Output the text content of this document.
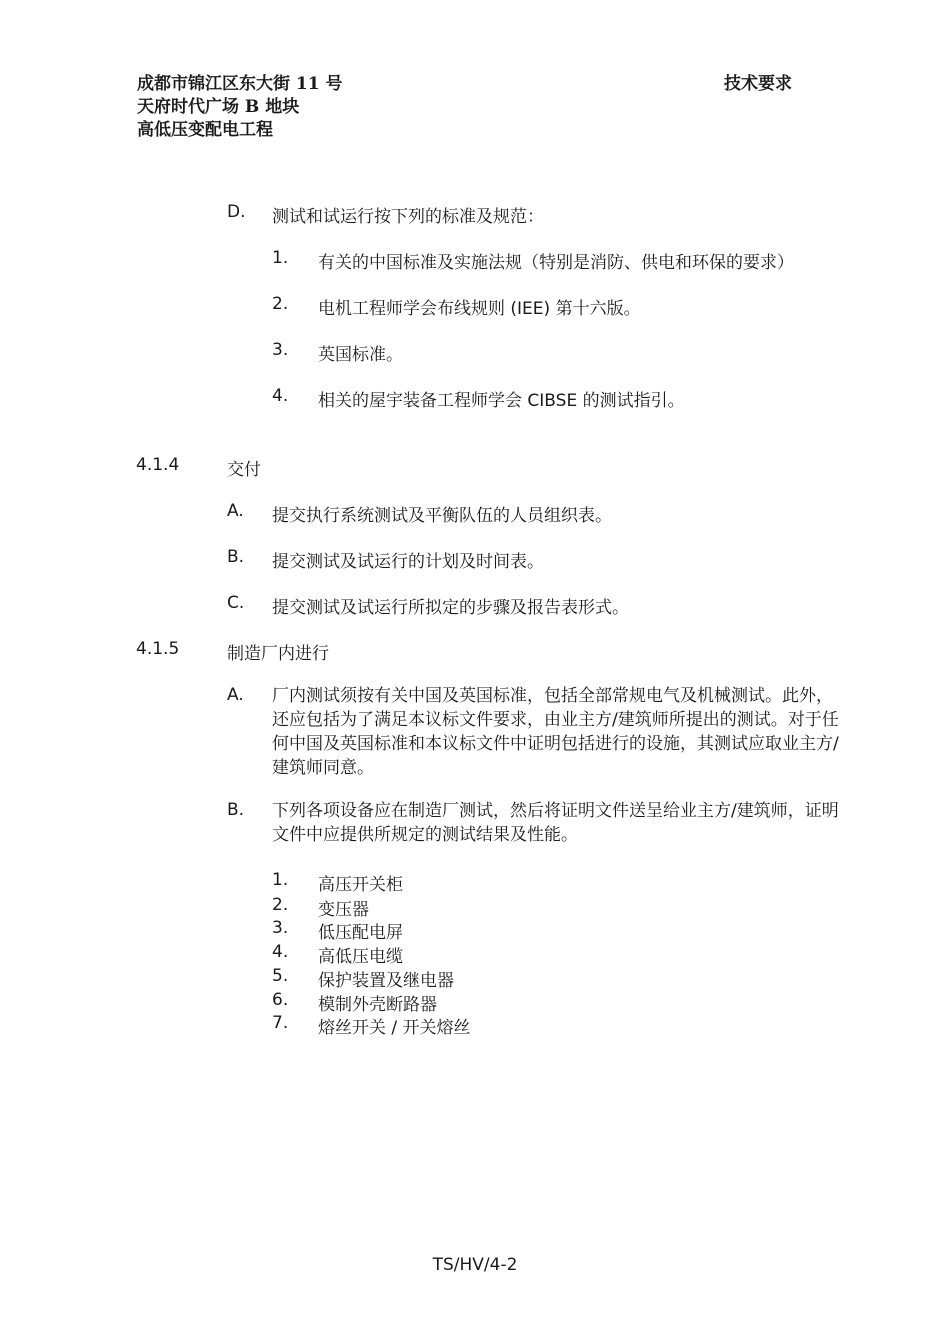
成都市锦江区东大街 11 号
天府时代广场 B 地块
高低压变配电工程
技术要求
D. 测试和试运行按下列的标准及规范：
1. 有关的中国标准及实施法规（特别是消防、供电和环保的要求）
2. 电机工程师学会布线规则 (IEE) 第十六版。
3. 英国标准。
4. 相关的屋宇装备工程师学会 CIBSE 的测试指引。
4.1.4	交付
A. 提交执行系统测试及平衡队伍的人员组织表。
B. 提交测试及试运行的计划及时间表。
C. 提交测试及试运行所拟定的步骤及报告表形式。
4.1.5	制造厂内进行
A. 厂内测试须按有关中国及英国标准，包括全部常规电气及机械测试。此外，还应包括为了满足本议标文件要求，由业主方/建筑师所提出的测试。对于任何中国及英国标准和本议标文件中证明包括进行的设施，其测试应取业主方/建筑师同意。
B. 下列各项设备应在制造厂测试，然后将证明文件送呈给业主方/建筑师，证明文件中应提供所规定的测试结果及性能。
1. 高压开关柜
2. 变压器
3. 低压配电屏
4. 高低压电缆
5. 保护装置及继电器
6. 模制外壳断路器
7. 熔丝开关 / 开关熔丝
TS/HV/4-2
